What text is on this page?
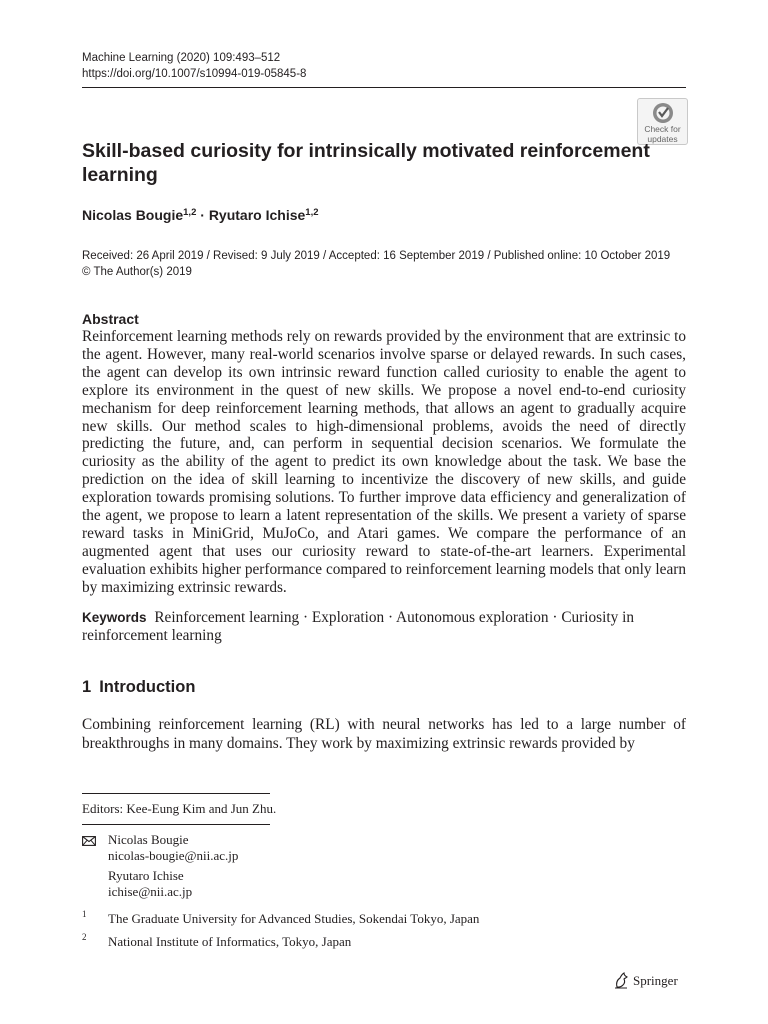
Machine Learning (2020) 109:493–512
https://doi.org/10.1007/s10994-019-05845-8
Check for
updates
Skill-based curiosity for intrinsically motivated reinforcement learning
Nicolas Bougie$^{1,2}$ · Ryutaro Ichise$^{1,2}$
Received: 26 April 2019 / Revised: 9 July 2019 / Accepted: 16 September 2019 / Published online: 10 October 2019
© The Author(s) 2019
Abstract

Reinforcement learning methods rely on rewards provided by the environment that are extrinsic to the agent. However, many real-world scenarios involve sparse or delayed rewards. In such cases, the agent can develop its own intrinsic reward function called curiosity to enable the agent to explore its environment in the quest of new skills. We propose a novel end-to-end curiosity mechanism for deep reinforcement learning methods, that allows an agent to gradually acquire new skills. Our method scales to high-dimensional problems, avoids the need of directly predicting the future, and, can perform in sequential decision scenarios. We formulate the curiosity as the ability of the agent to predict its own knowledge about the task. We base the prediction on the idea of skill learning to incentivize the discovery of new skills, and guide exploration towards promising solutions. To further improve data efficiency and generalization of the agent, we propose to learn a latent representation of the skills. We present a variety of sparse reward tasks in MiniGrid, MuJoCo, and Atari games. We compare the performance of an augmented agent that uses our curiosity reward to state-of-the-art learners. Experimental evaluation exhibits higher performance compared to reinforcement learning models that only learn by maximizing extrinsic rewards.

Keywords Reinforcement learning · Exploration · Autonomous exploration · Curiosity in reinforcement learning
1 Introduction

Combining reinforcement learning (RL) with neural networks has led to a large number of breakthroughs in many domains. They work by maximizing extrinsic rewards provided by

Editors: Kee-Eung Kim and Jun Zhu.
Nicolas Bougie
nicolas-bougie@nii.ac.jp
Ryutaro Ichise
ichise@nii.ac.jp
1 The Graduate University for Advanced Studies, Sokendai Tokyo, Japan
2 National Institute of Informatics, Tokyo, Japan
Springer
